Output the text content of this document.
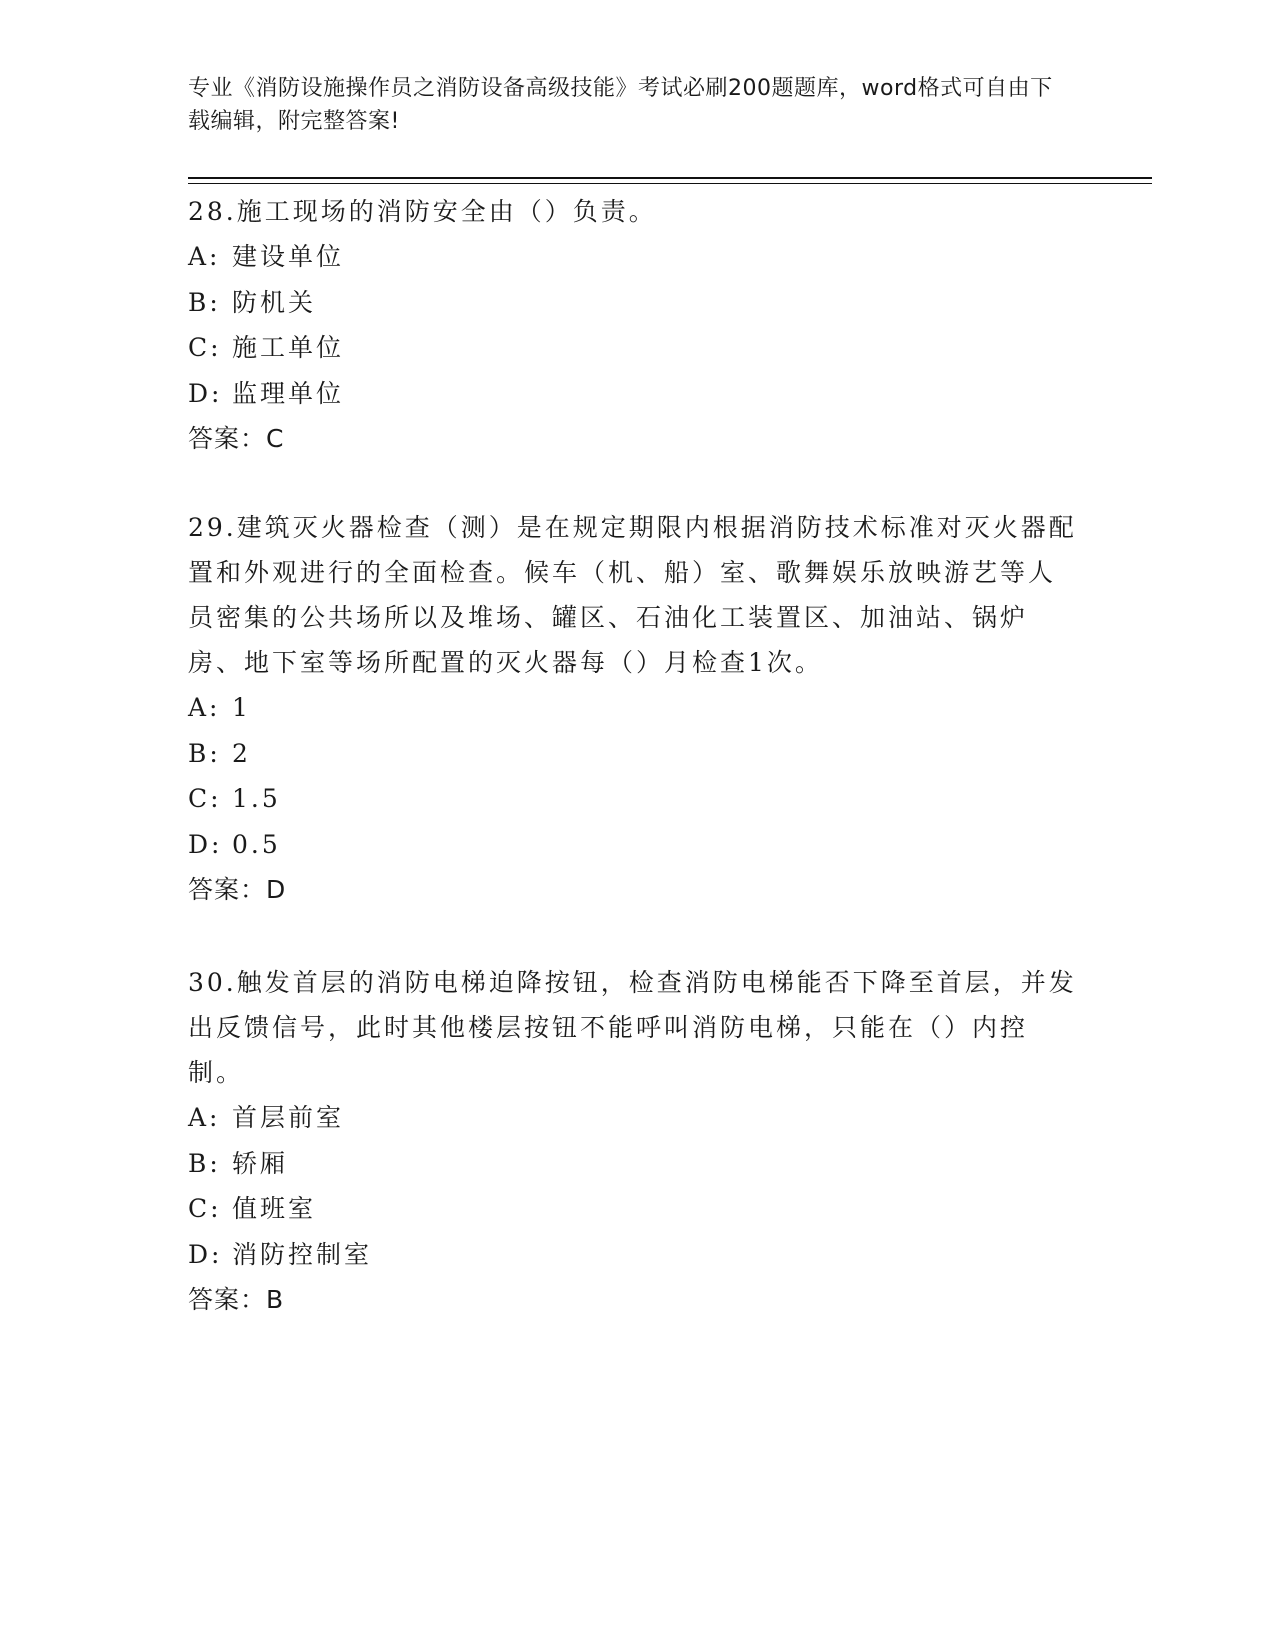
专业《消防设施操作员之消防设备高级技能》考试必刷200题题库，word格式可自由下载编辑，附完整答案!

28.施工现场的消防安全由（）负责。

A: 建设单位
B: 防机关
C: 施工单位
D: 监理单位
答案：C

29.建筑灭火器检查（测）是在规定期限内根据消防技术标准对灭火器配置和外观进行的全面检查。候车（机、船）室、歌舞娱乐放映游艺等人员密集的公共场所以及堆场、罐区、石油化工装置区、加油站、锅炉房、地下室等场所配置的灭火器每（）月检查1次。

A: 1
B: 2
C: 1.5
D: 0.5
答案：D

30.触发首层的消防电梯迫降按钮，检查消防电梯能否下降至首层，并发出反馈信号，此时其他楼层按钮不能呼叫消防电梯，只能在（）内控制。

A: 首层前室
B: 轿厢
C: 值班室
D: 消防控制室
答案：B
